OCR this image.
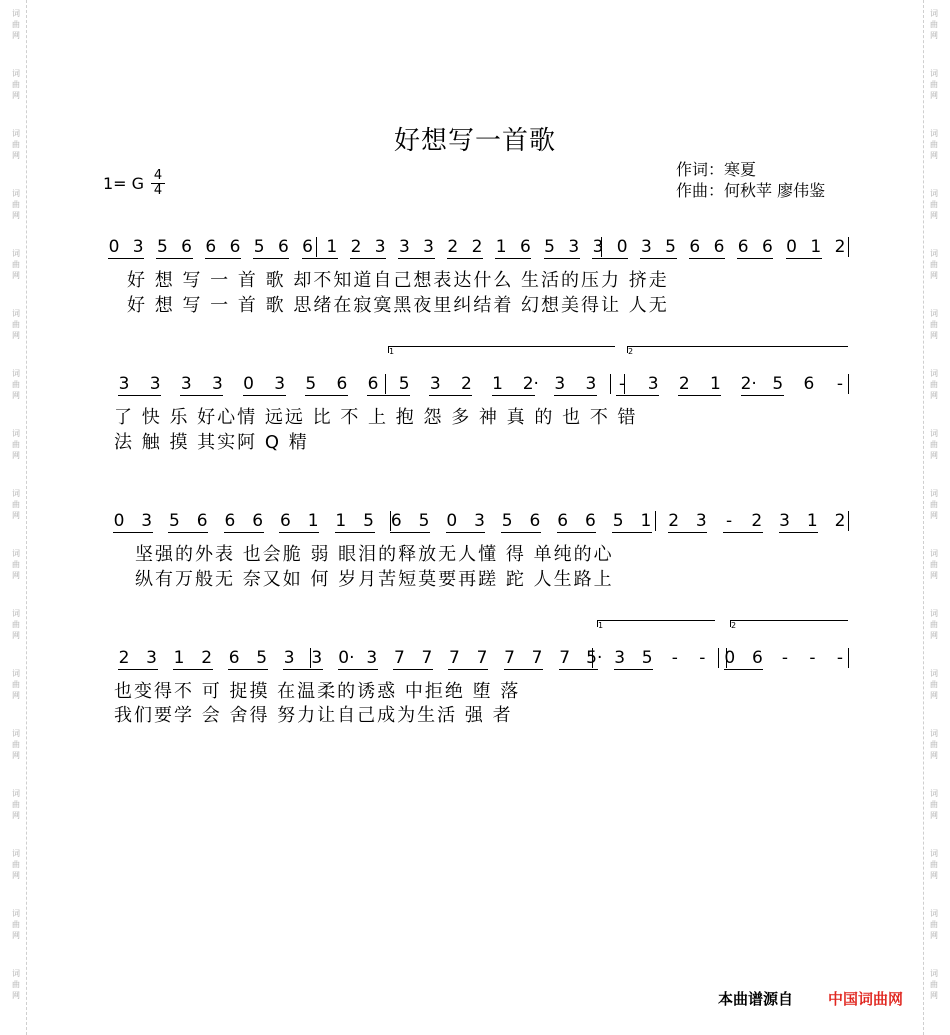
词
曲
网
词
曲
网
词
曲
网
词
曲
网
词
曲
网
词
曲
网
词
曲
网
词
曲
网
词
曲
网
词
曲
网
词
曲
网
词
曲
网
词
曲
网
词
曲
网
词
曲
网
词
曲
网
词
曲
网
词
曲
网
词
曲
网
词
曲
网
词
曲
网
词
曲
网
词
曲
网
词
曲
网
词
曲
网
词
曲
网
词
曲
网
词
曲
网
词
曲
网
词
曲
网
词
曲
网
词
曲
网
词
曲
网
词
曲
网
好想写一首歌
作词：寒夏
作曲：何秋苹 廖伟鉴
1= G 4
4
0 3 5 6 6 6 5 6 6 1 2 3 3 3 2 2 1 6 5 3 3 0 3 5 6 6 6 6 0 1 2
3 3 3 3 0 3 5 6 6 5 3 2 1 2· 3 3 - 3 2 1 2· 5 6 -
0 3 5 6 6 6 6 1 1 5 6 5 0 3 5 6 6 6 5 1 2 3 - 2 3 1 2
2 3 1 2 6 5 3 3 0· 3 7 7 7 7 7 7 7 5· 3 5 - - 0 6 - - -
好 想 写 一 首 歌 却不知道自己想表达什么 生活的压力 挤走
好 想 写 一 首 歌 思绪在寂寞黑夜里纠结着 幻想美得让 人无
了 快 乐 好心情 远远 比 不 上 抱 怨 多 神 真 的 也 不 错
法 触 摸 其实阿 Q 精
坚强的外表 也会脆 弱 眼泪的释放无人懂 得 单纯的心
纵有万般无 奈又如 何 岁月苦短莫要再蹉 跎 人生路上
也变得不 可 捉摸 在温柔的诱惑 中拒绝 堕 落
我们要学 会 舍得 努力让自己成为生活 强 者
1	2
1	2
本曲谱源自 中国词曲网
